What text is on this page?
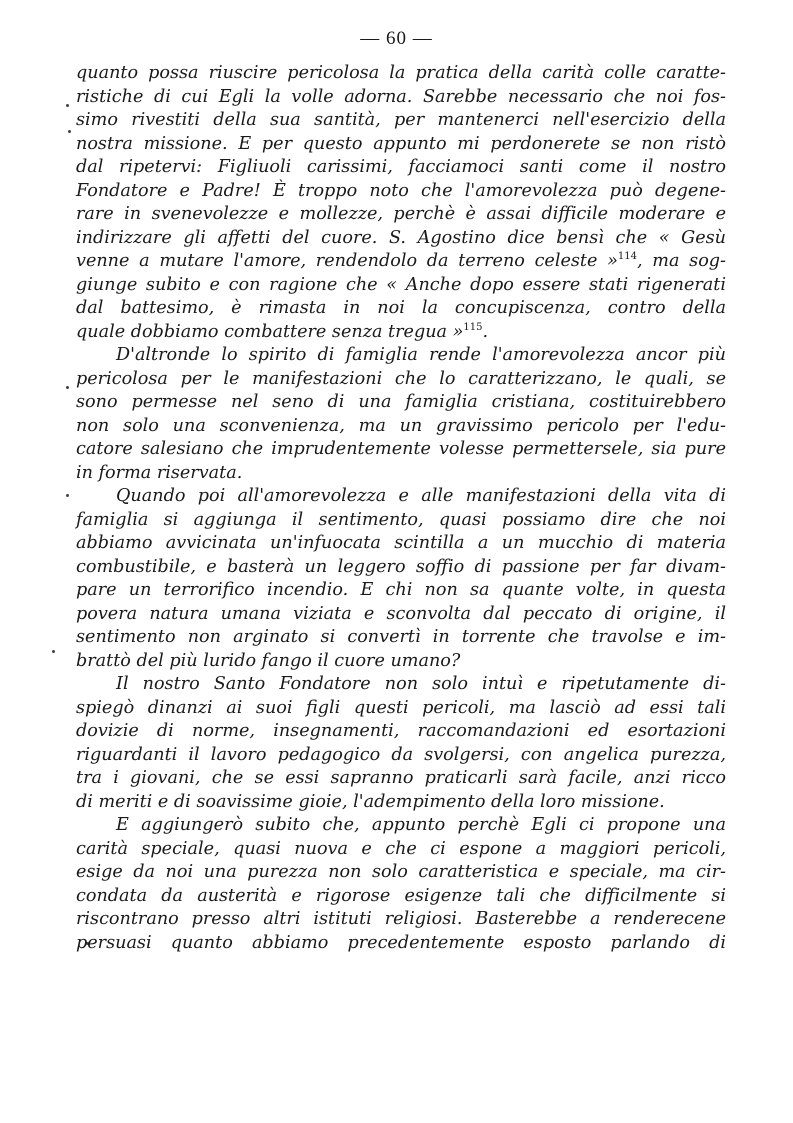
— 60 —
quanto possa riuscire pericolosa la pratica della carità colle caratte-
ristiche di cui Egli la volle adorna. Sarebbe necessario che noi fos-
simo rivestiti della sua santità, per mantenerci nell'esercizio della
nostra missione. E per questo appunto mi perdonerete se non ristò
dal ripetervi: Figliuoli carissimi, facciamoci santi come il nostro
Fondatore e Padre! È troppo noto che l'amorevolezza può degene-
rare in svenevolezze e mollezze, perchè è assai difficile moderare e
indirizzare gli affetti del cuore. S. Agostino dice bensì che « Gesù
venne a mutare l'amore, rendendolo da terreno celeste »$^{114}$, ma sog-
giunge subito e con ragione che « Anche dopo essere stati rigenerati
dal battesimo, è rimasta in noi la concupiscenza, contro della
quale dobbiamo combattere senza tregua »$^{115}$.
D'altronde lo spirito di famiglia rende l'amorevolezza ancor più
pericolosa per le manifestazioni che lo caratterizzano, le quali, se
sono permesse nel seno di una famiglia cristiana, costituirebbero
non solo una sconvenienza, ma un gravissimo pericolo per l'edu-
catore salesiano che imprudentemente volesse permettersele, sia pure
in forma riservata.
Quando poi all'amorevolezza e alle manifestazioni della vita di
famiglia si aggiunga il sentimento, quasi possiamo dire che noi
abbiamo avvicinata un'infuocata scintilla a un mucchio di materia
combustibile, e basterà un leggero soffio di passione per far divam-
pare un terrorifico incendio. E chi non sa quante volte, in questa
povera natura umana viziata e sconvolta dal peccato di origine, il
sentimento non arginato si convertì in torrente che travolse e im-
brattò del più lurido fango il cuore umano?
Il nostro Santo Fondatore non solo intuì e ripetutamente di-
spiegò dinanzi ai suoi figli questi pericoli, ma lasciò ad essi tali
dovizie di norme, insegnamenti, raccomandazioni ed esortazioni
riguardanti il lavoro pedagogico da svolgersi, con angelica purezza,
tra i giovani, che se essi sapranno praticarli sarà facile, anzi ricco
di meriti e di soavissime gioie, l'adempimento della loro missione.
E aggiungerò subito che, appunto perchè Egli ci propone una
carità speciale, quasi nuova e che ci espone a maggiori pericoli,
esige da noi una purezza non solo caratteristica e speciale, ma cir-
condata da austerità e rigorose esigenze tali che difficilmente si
riscontrano presso altri istituti religiosi. Basterebbe a renderecene
persuasi quanto abbiamo precedentemente esposto parlando di
